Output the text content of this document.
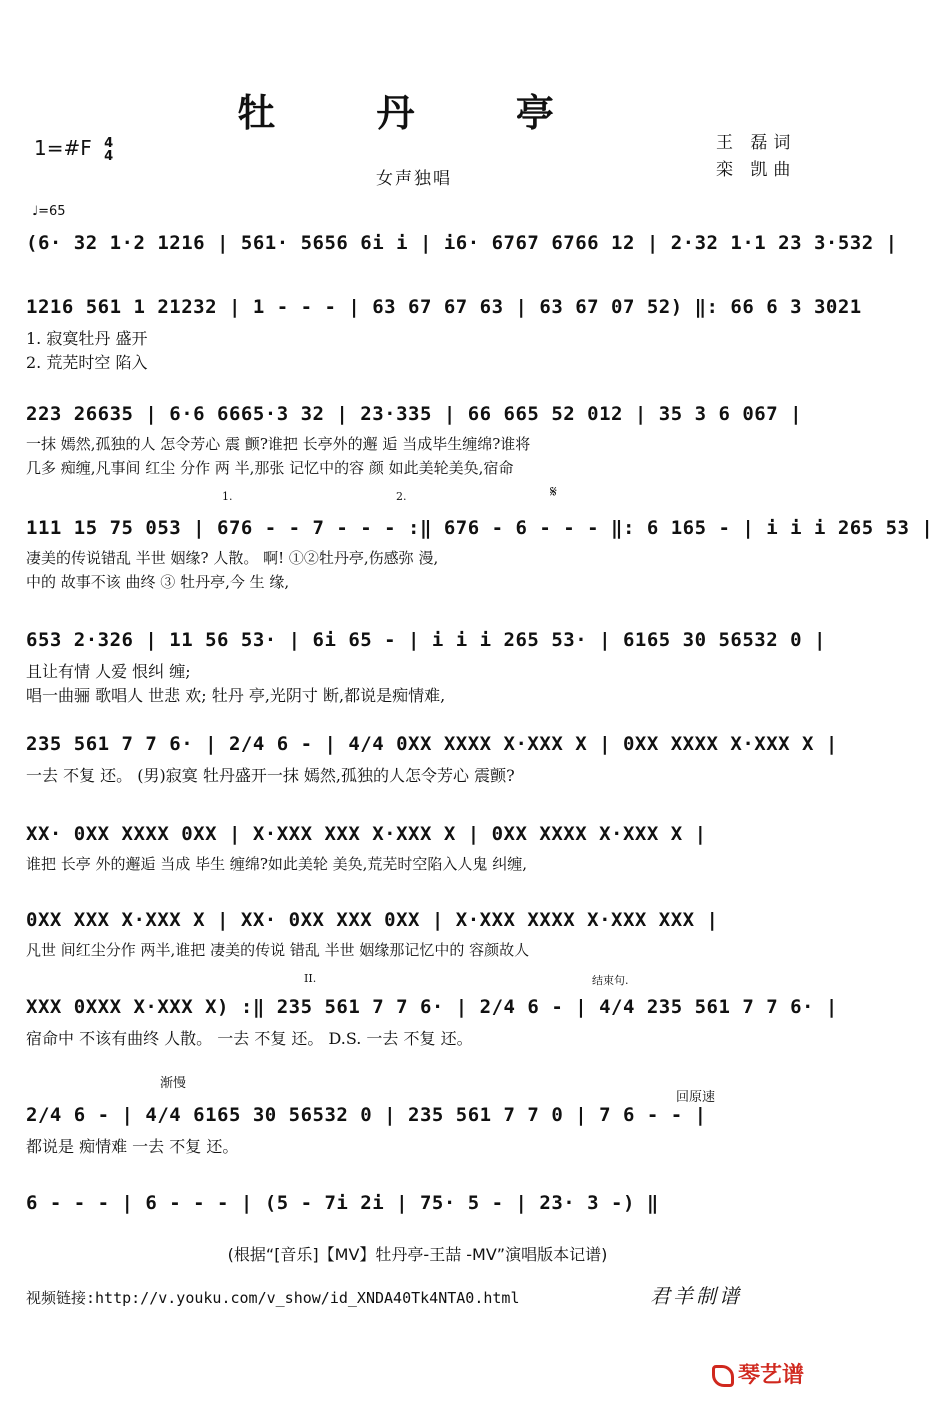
牡 丹 亭
1=#F 4
4
王 磊词
栾 凯曲
女声独唱
♩=65
(6· 32 1·2 1216 | 561· 5656 6i i | i6· 6767 6766 12 | 2·32 1·1 23 3·532 |
1216 561 1 21232 | 1 - - - | 63 67 67 63 | 63 67 07 52) ‖: 66 6 3 3021
1. 寂寞牡丹 盛开
2. 荒芜时空 陷入
223 26635 | 6·6 6665·3 32 | 23·335 | 66 665 52 012 | 35 3 6 067 |
一抹 嫣然,孤独的人 怎令芳心 震 颤?谁把 长亭外的邂 逅 当成毕生缠绵?谁将
几多 痴缠,凡事间 红尘 分作 两 半,那张 记忆中的容 颜 如此美轮美奂,宿命
111 15 75 053 | 676 - - 7 - - - :‖ 676 - 6 - - - ‖: 6 165 - | i i i 265 53 |
凄美的传说错乱 半世 姻缘? 人散。 啊! ①②牡丹亭,伤感弥 漫,
中的 故事不该 曲终 ③ 牡丹亭,今 生 缘,
653 2·326 | 11 56 53· | 6i 65 - | i i i 265 53· | 6165 30 56532 0 |
且让有情 人爱 恨纠 缠;
唱一曲骊 歌唱人 世悲 欢; 牡丹 亭,光阴寸 断,都说是痴情难,
235 561 7 7 6· | 2/4 6 - | 4/4 0XX XXXX X·XXX X | 0XX XXXX X·XXX X |
一去 不复 还。 (男)寂寞 牡丹盛开一抹 嫣然,孤独的人怎令芳心 震颤?
XX· 0XX XXXX 0XX | X·XXX XXX X·XXX X | 0XX XXXX X·XXX X |
谁把 长亭 外的邂逅 当成 毕生 缠绵?如此美轮 美奂,荒芜时空陷入人鬼 纠缠,
0XX XXX X·XXX X | XX· 0XX XXX 0XX | X·XXX XXXX X·XXX XXX |
凡世 间红尘分作 两半,谁把 凄美的传说 错乱 半世 姻缘那记忆中的 容颜故人
XXX 0XXX X·XXX X) :‖ 235 561 7 7 6· | 2/4 6 - | 4/4 235 561 7 7 6· |
宿命中 不该有曲终 人散。 一去 不复 还。 D.S. 一去 不复 还。
2/4 6 - | 4/4 6165 30 56532 0 | 235 561 7 7 0 | 7 6 - - |
都说是 痴情难 一去 不复 还。
6 - - - | 6 - - - | (5 - 7i 2i | 75· 5 - | 23· 3 -) ‖
1.	2.	𝄋
II.	结束句.
渐慢
回原速
(根据“[音乐]【MV】牡丹亭-王喆 -MV”演唱版本记谱)
视频链接:http://v.youku.com/v_show/id_XNDA40Tk4NTA0.html	君羊制谱
琴艺谱
